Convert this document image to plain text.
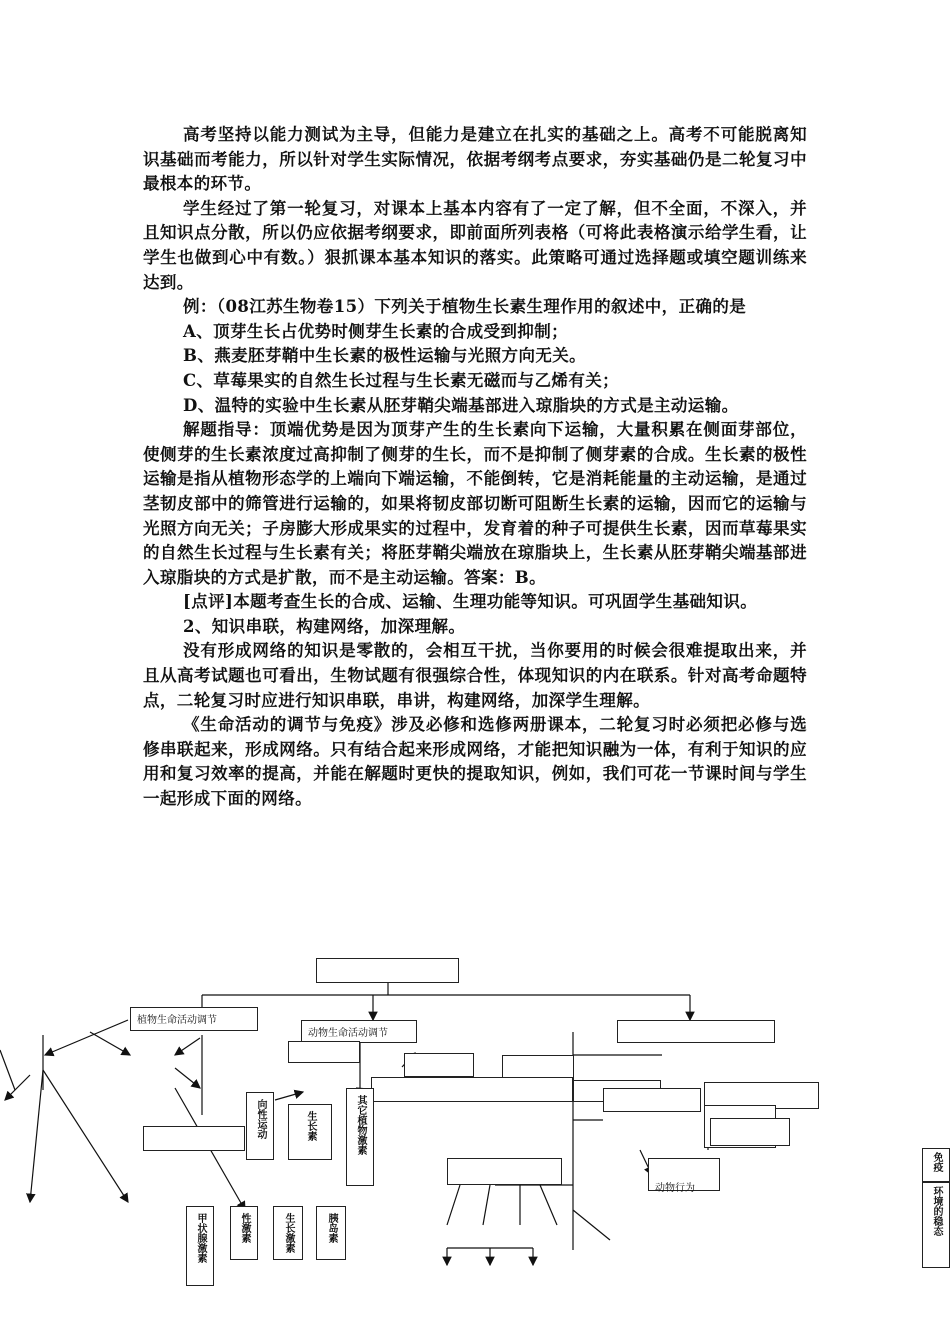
高考坚持以能力测试为主导，但能力是建立在扎实的基础之上。高考不可能脱离知识基础而考能力，所以针对学生实际情况，依据考纲考点要求，夯实基础仍是二轮复习中最根本的环节。

学生经过了第一轮复习，对课本上基本内容有了一定了解，但不全面，不深入，并且知识点分散，所以仍应依据考纲要求，即前面所列表格（可将此表格演示给学生看，让学生也做到心中有数。）狠抓课本基本知识的落实。此策略可通过选择题或填空题训练来达到。

例：（08江苏生物卷15）下列关于植物生长素生理作用的叙述中，正确的是

A、顶芽生长占优势时侧芽生长素的合成受到抑制；

B、燕麦胚芽鞘中生长素的极性运输与光照方向无关。

C、草莓果实的自然生长过程与生长素无磁而与乙烯有关；

D、温特的实验中生长素从胚芽鞘尖端基部进入琼脂块的方式是主动运输。

解题指导：顶端优势是因为顶芽产生的生长素向下运输，大量积累在侧面芽部位，使侧芽的生长素浓度过高抑制了侧芽的生长，而不是抑制了侧芽素的合成。生长素的极性运输是指从植物形态学的上端向下端运输，不能倒转，它是消耗能量的主动运输，是通过茎韧皮部中的筛管进行运输的，如果将韧皮部切断可阻断生长素的运输，因而它的运输与光照方向无关；子房膨大形成果实的过程中，发育着的种子可提供生长素，因而草莓果实的自然生长过程与生长素有关；将胚芽鞘尖端放在琼脂块上，生长素从胚芽鞘尖端基部进入琼脂块的方式是扩散，而不是主动运输。答案：B。

[点评]本题考查生长的合成、运输、生理功能等知识。可巩固学生基础知识。

2、知识串联，构建网络，加深理解。

没有形成网络的知识是零散的，会相互干扰，当你要用的时候会很难提取出来，并且从高考试题也可看出，生物试题有很强综合性，体现知识的内在联系。针对高考命题特点，二轮复习时应进行知识串联，串讲，构建网络，加深学生理解。

《生命活动的调节与免疫》涉及必修和选修两册课本，二轮复习时必须把必修与选修串联起来，形成网络。只有结合起来形成网络，才能把知识融为一体，有利于知识的应用和复习效率的提高，并能在解题时更快的提取知识，例如，我们可花一节课时间与学生一起形成下面的网络。

植物生命活动调节
动物生命活动调节
向性运动	生长素	其它植物激素
动物行为
甲状腺激素	性激素	生长激素	胰岛素
免疫
环境的稳态
